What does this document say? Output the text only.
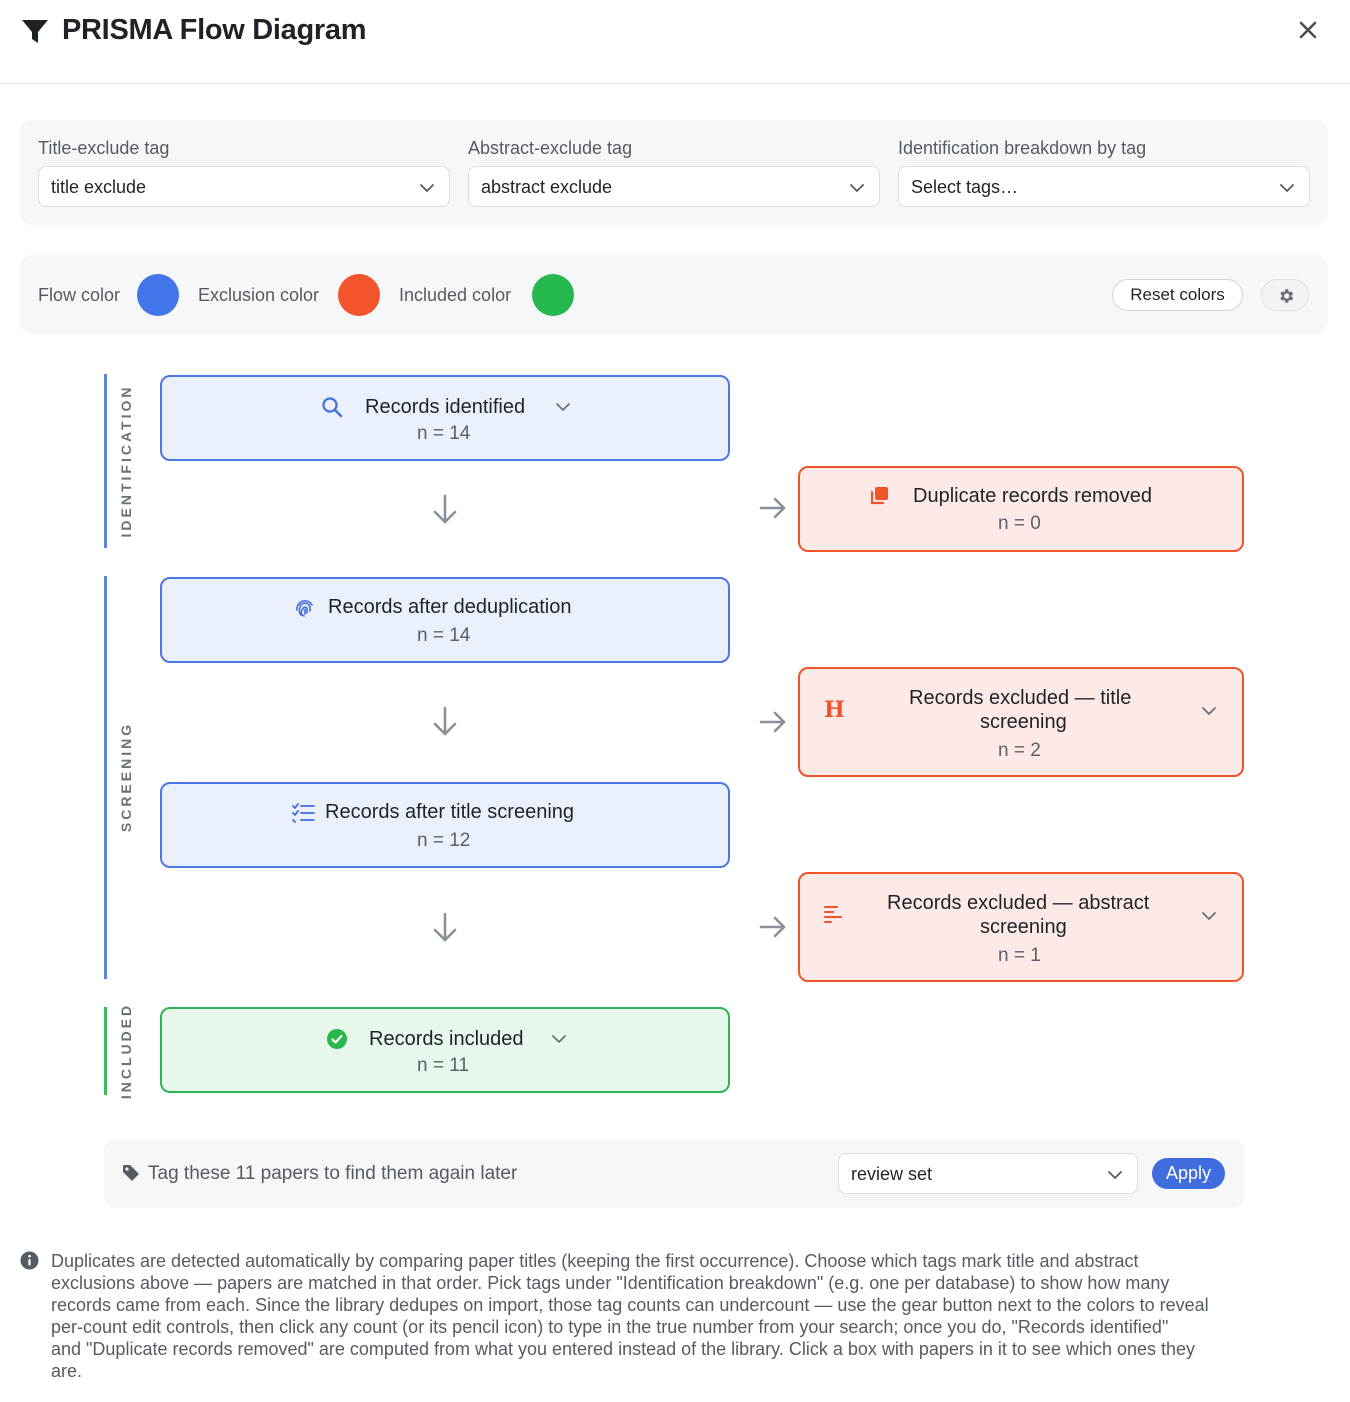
PRISMA Flow Diagram
Title-exclude tag
title exclude
Abstract-exclude tag
abstract exclude
Identification breakdown by tag
Select tags…
Flow color	Exclusion color	Included color	Reset colors
IDENTIFICATION
SCREENING
INCLUDED
Records identified
n = 14
Duplicate records removed
n = 0
Records after deduplication
n = 14
H	Records excluded — title
screening
n = 2
Records after title screening
n = 12
Records excluded — abstract
screening
n = 1
Records included
n = 11
Tag these 11 papers to find them again later	review set	Apply
Duplicates are detected automatically by comparing paper titles (keeping the first occurrence). Choose which tags mark title and abstract
exclusions above — papers are matched in that order. Pick tags under "Identification breakdown" (e.g. one per database) to show how many
records came from each. Since the library dedupes on import, those tag counts can undercount — use the gear button next to the colors to reveal
per-count edit controls, then click any count (or its pencil icon) to type in the true number from your search; once you do, "Records identified"
and "Duplicate records removed" are computed from what you entered instead of the library. Click a box with papers in it to see which ones they
are.
